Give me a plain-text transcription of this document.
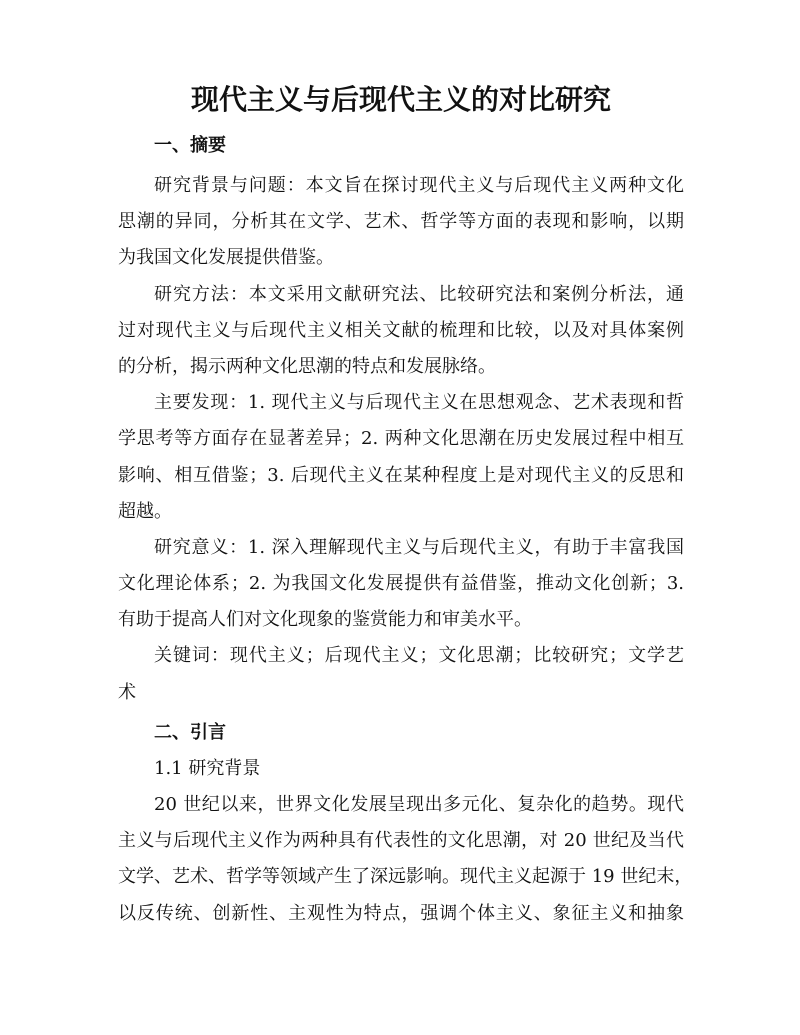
现代主义与后现代主义的对比研究
一、摘要

研究背景与问题：本文旨在探讨现代主义与后现代主义两种文化
思潮的异同，分析其在文学、艺术、哲学等方面的表现和影响，以期
为我国文化发展提供借鉴。

研究方法：本文采用文献研究法、比较研究法和案例分析法，通
过对现代主义与后现代主义相关文献的梳理和比较，以及对具体案例
的分析，揭示两种文化思潮的特点和发展脉络。

主要发现：1. 现代主义与后现代主义在思想观念、艺术表现和哲
学思考等方面存在显著差异；2. 两种文化思潮在历史发展过程中相互
影响、相互借鉴；3. 后现代主义在某种程度上是对现代主义的反思和
超越。

研究意义：1. 深入理解现代主义与后现代主义，有助于丰富我国
文化理论体系；2. 为我国文化发展提供有益借鉴，推动文化创新；3.
有助于提高人们对文化现象的鉴赏能力和审美水平。

关键词：现代主义；后现代主义；文化思潮；比较研究；文学艺
术

二、引言

1.1 研究背景

20 世纪以来，世界文化发展呈现出多元化、复杂化的趋势。现代
主义与后现代主义作为两种具有代表性的文化思潮，对 20 世纪及当代
文学、艺术、哲学等领域产生了深远影响。现代主义起源于 19 世纪末，
以反传统、创新性、主观性为特点，强调个体主义、象征主义和抽象
